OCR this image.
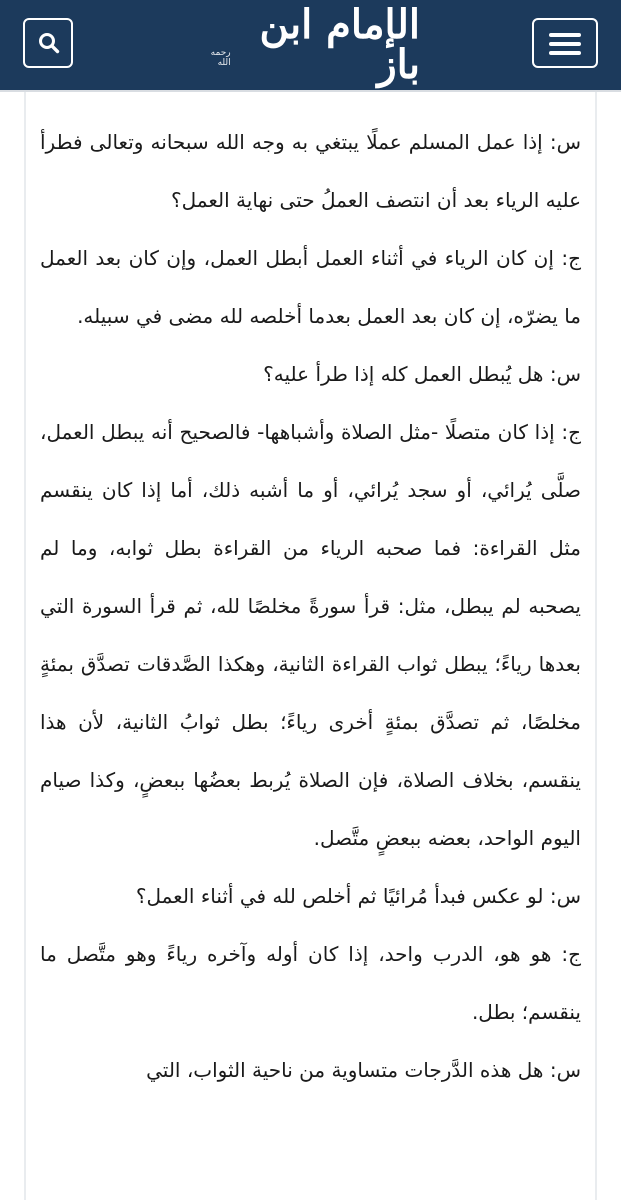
الإمام ابن باز
رحمه الله

س: إذا عمل المسلم عملًا يبتغي به وجه الله سبحانه وتعالى فطرأ عليه الرياء بعد أن انتصف العملُ حتى نهاية العمل؟

ج: إن كان الرياء في أثناء العمل أبطل العمل، وإن كان بعد العمل ما يضرّه، إن كان بعد العمل بعدما أخلصه لله مضى في سبيله.

س: هل يُبطل العمل كله إذا طرأ عليه؟

ج: إذا كان متصلًا -مثل الصلاة وأشباهها- فالصحيح أنه يبطل العمل، صلَّى يُرائي، أو سجد يُرائي، أو ما أشبه ذلك، أما إذا كان ينقسم مثل القراءة: فما صحبه الرياء من القراءة بطل ثوابه، وما لم يصحبه لم يبطل، مثل: قرأ سورةً مخلصًا لله، ثم قرأ السورة التي بعدها رياءً؛ يبطل ثواب القراءة الثانية، وهكذا الصَّدقات تصدَّق بمئةٍ مخلصًا، ثم تصدَّق بمئةٍ أخرى رياءً؛ بطل ثوابُ الثانية، لأن هذا ينقسم، بخلاف الصلاة، فإن الصلاة يُربط بعضُها ببعضٍ، وكذا صيام اليوم الواحد، بعضه ببعضٍ متَّصل.

س: لو عكس فبدأ مُرائيًا ثم أخلص لله في أثناء العمل؟

ج: هو هو، الدرب واحد، إذا كان أوله وآخره رياءً وهو متَّصل ما ينقسم؛ بطل.

س: هل هذه الدَّرجات متساوية من ناحية الثواب، التي
